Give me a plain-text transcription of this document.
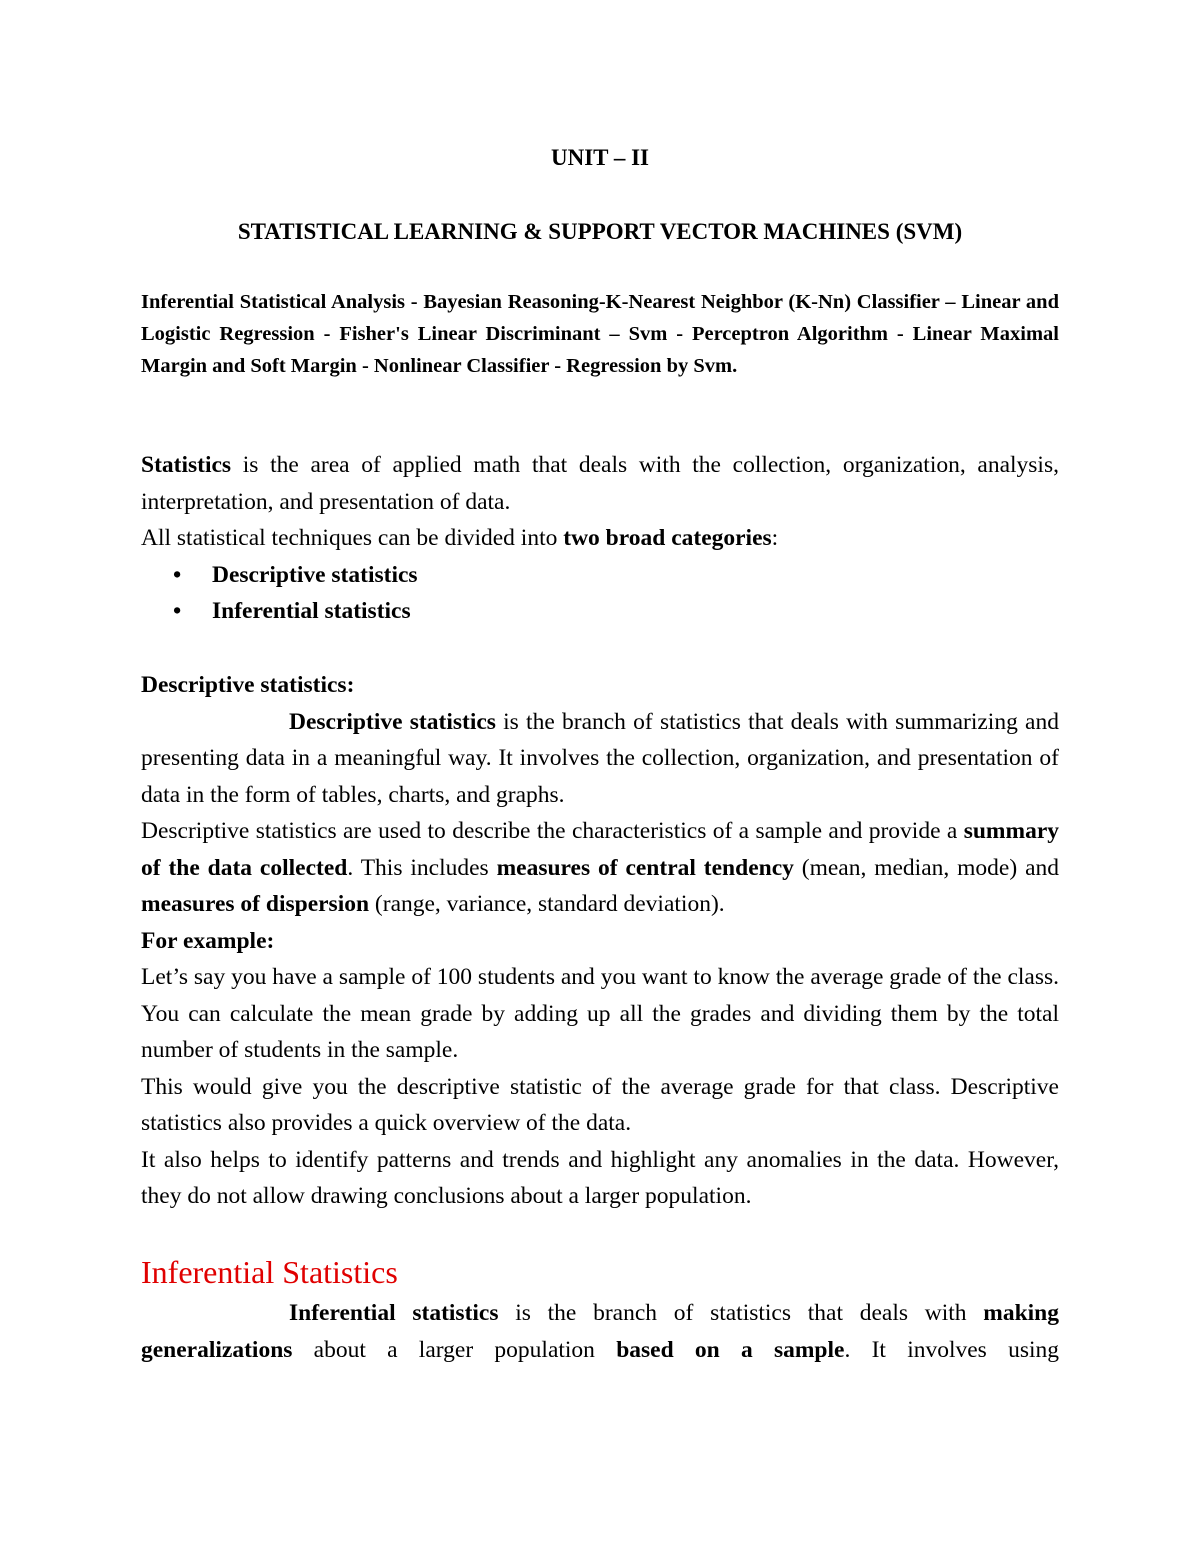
UNIT – II
STATISTICAL LEARNING & SUPPORT VECTOR MACHINES (SVM)

Inferential Statistical Analysis - Bayesian Reasoning-K-Nearest Neighbor (K-Nn) Classifier – Linear and Logistic Regression - Fisher's Linear Discriminant – Svm - Perceptron Algorithm - Linear Maximal Margin and Soft Margin - Nonlinear Classifier - Regression by Svm.

Statistics is the area of applied math that deals with the collection, organization, analysis, interpretation, and presentation of data.

All statistical techniques can be divided into two broad categories:

• Descriptive statistics
• Inferential statistics

Descriptive statistics:

Descriptive statistics is the branch of statistics that deals with summarizing and presenting data in a meaningful way. It involves the collection, organization, and presentation of data in the form of tables, charts, and graphs.

Descriptive statistics are used to describe the characteristics of a sample and provide a summary of the data collected. This includes measures of central tendency (mean, median, mode) and measures of dispersion (range, variance, standard deviation).

For example:

Let’s say you have a sample of 100 students and you want to know the average grade of the class. You can calculate the mean grade by adding up all the grades and dividing them by the total number of students in the sample.

This would give you the descriptive statistic of the average grade for that class. Descriptive statistics also provides a quick overview of the data.

It also helps to identify patterns and trends and highlight any anomalies in the data. However, they do not allow drawing conclusions about a larger population.

Inferential Statistics

Inferential statistics is the branch of statistics that deals with making generalizations about a larger population based on a sample. It involves using
